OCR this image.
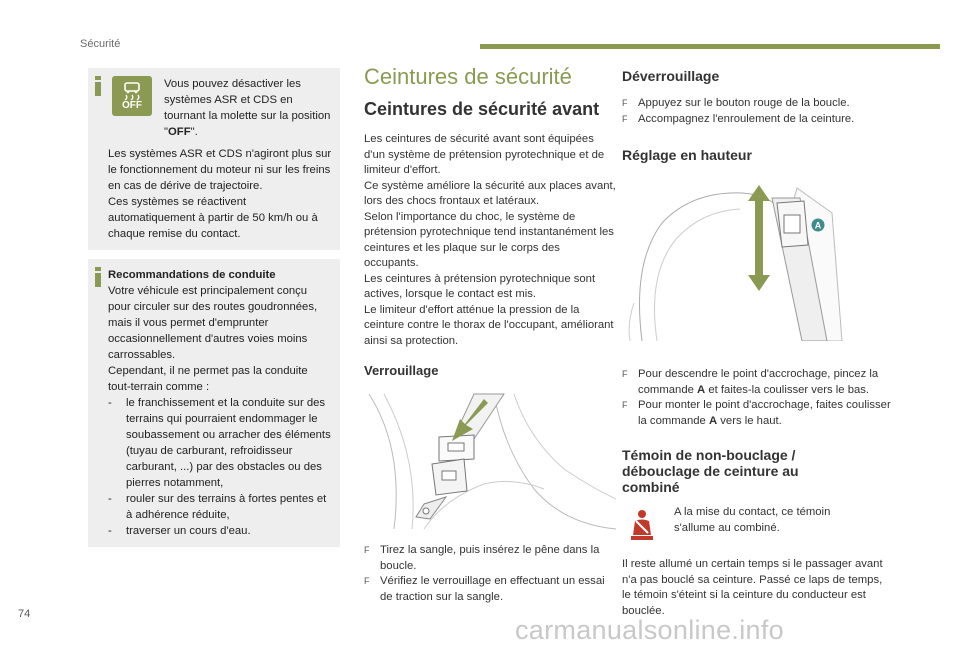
Sécurité
74
carmanualsonline.info
OFF
Vous pouvez désactiver les systèmes ASR et CDS en tournant la molette sur la position "OFF".

Les systèmes ASR et CDS n'agiront plus sur le fonctionnement du moteur ni sur les freins en cas de dérive de trajectoire.

Ces systèmes se réactivent automatiquement à partir de 50 km/h ou à chaque remise du contact.

Recommandations de conduite
Votre véhicule est principalement conçu pour circuler sur des routes goudronnées, mais il vous permet d'emprunter occasionnellement d'autres voies moins carrossables.
Cependant, il ne permet pas la conduite tout-terrain comme :
-	le franchissement et la conduite sur des terrains qui pourraient endommager le soubassement ou arracher des éléments (tuyau de carburant, refroidisseur carburant, ...) par des obstacles ou des pierres notamment,
-	rouler sur des terrains à fortes pentes et à adhérence réduite,
-	traverser un cours d'eau.
Ceintures de sécurité
Ceintures de sécurité avant
Les ceintures de sécurité avant sont équipées d'un système de prétension pyrotechnique et de limiteur d'effort.
Ce système améliore la sécurité aux places avant, lors des chocs frontaux et latéraux.
Selon l'importance du choc, le système de prétension pyrotechnique tend instantanément les ceintures et les plaque sur le corps des occupants.
Les ceintures à prétension pyrotechnique sont actives, lorsque le contact est mis.
Le limiteur d'effort atténue la pression de la ceinture contre le thorax de l'occupant, améliorant ainsi sa protection.
Verrouillage
F Tirez la sangle, puis insérez le pêne dans la boucle.
F Vérifiez le verrouillage en effectuant un essai de traction sur la sangle.
Déverrouillage
F Appuyez sur le bouton rouge de la boucle.
F Accompagnez l'enroulement de la ceinture.
Réglage en hauteur
A
F Pour descendre le point d'accrochage, pincez la commande A et faites-la coulisser vers le bas.
F Pour monter le point d'accrochage, faites coulisser la commande A vers le haut.
Témoin de non-bouclage / débouclage de ceinture au combiné
A la mise du contact, ce témoin s'allume au combiné.
Il reste allumé un certain temps si le passager avant n'a pas bouclé sa ceinture. Passé ce laps de temps, le témoin s'éteint si la ceinture du conducteur est bouclée.
